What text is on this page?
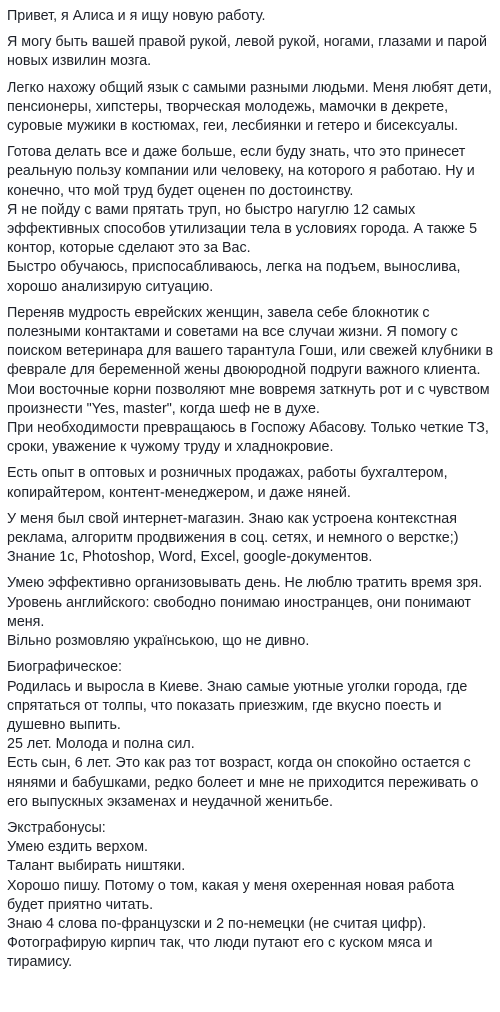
Привет, я Алиса и я ищу новую работу.

Я могу быть вашей правой рукой, левой рукой, ногами, глазами и парой новых извилин мозга.

Легко нахожу общий язык с самыми разными людьми. Меня любят дети, пенсионеры, хипстеры, творческая молодежь, мамочки в декрете, суровые мужики в костюмах, геи, лесбиянки и гетеро и бисексуалы.

Готова делать все и даже больше, если буду знать, что это принесет реальную пользу компании или человеку, на которого я работаю. Ну и конечно, что мой труд будет оценен по достоинству.
Я не пойду с вами прятать труп, но быстро нагуглю 12 самых эффективных способов утилизации тела в условиях города. А также 5 контор, которые сделают это за Вас.
Быстро обучаюсь, приспосабливаюсь, легка на подъем, вынослива, хорошо анализирую ситуацию.

Переняв мудрость еврейских женщин, завела себе блокнотик с полезными контактами и советами на все случаи жизни. Я помогу с поиском ветеринара для вашего тарантула Гоши, или свежей клубники в феврале для беременной жены двоюродной подруги важного клиента.
Мои восточные корни позволяют мне вовремя заткнуть рот и с чувством произнести "Yes, master", когда шеф не в духе.
При необходимости превращаюсь в Госпожу Абасову. Только четкие ТЗ, сроки, уважение к чужому труду и хладнокровие.

Есть опыт в оптовых и розничных продажах, работы бухгалтером, копирайтером, контент-менеджером, и даже няней.

У меня был свой интернет-магазин. Знаю как устроена контекстная реклама, алгоритм продвижения в соц. сетях, и немного о верстке;)
Знание 1с, Photoshop, Word, Excel, google-документов.

Умею эффективно организовывать день. Не люблю тратить время зря.
Уровень английского: свободно понимаю иностранцев, они понимают меня.
Вільно розмовляю українською, що не дивно.

Биографическое:
Родилась и выросла в Киеве. Знаю самые уютные уголки города, где спрятаться от толпы, что показать приезжим, где вкусно поесть и душевно выпить.
25 лет. Молода и полна сил.
Есть сын, 6 лет. Это как раз тот возраст, когда он спокойно остается с нянями и бабушками, редко болеет и мне не приходится переживать о его выпускных экзаменах и неудачной женитьбе.

Экстрабонусы:
Умею ездить верхом.
Талант выбирать ништяки.
Хорошо пишу. Потому о том, какая у меня охеренная новая работа будет приятно читать.
Знаю 4 слова по-французски и 2 по-немецки (не считая цифр).
Фотографирую кирпич так, что люди путают его с куском мяса и тирамису.
